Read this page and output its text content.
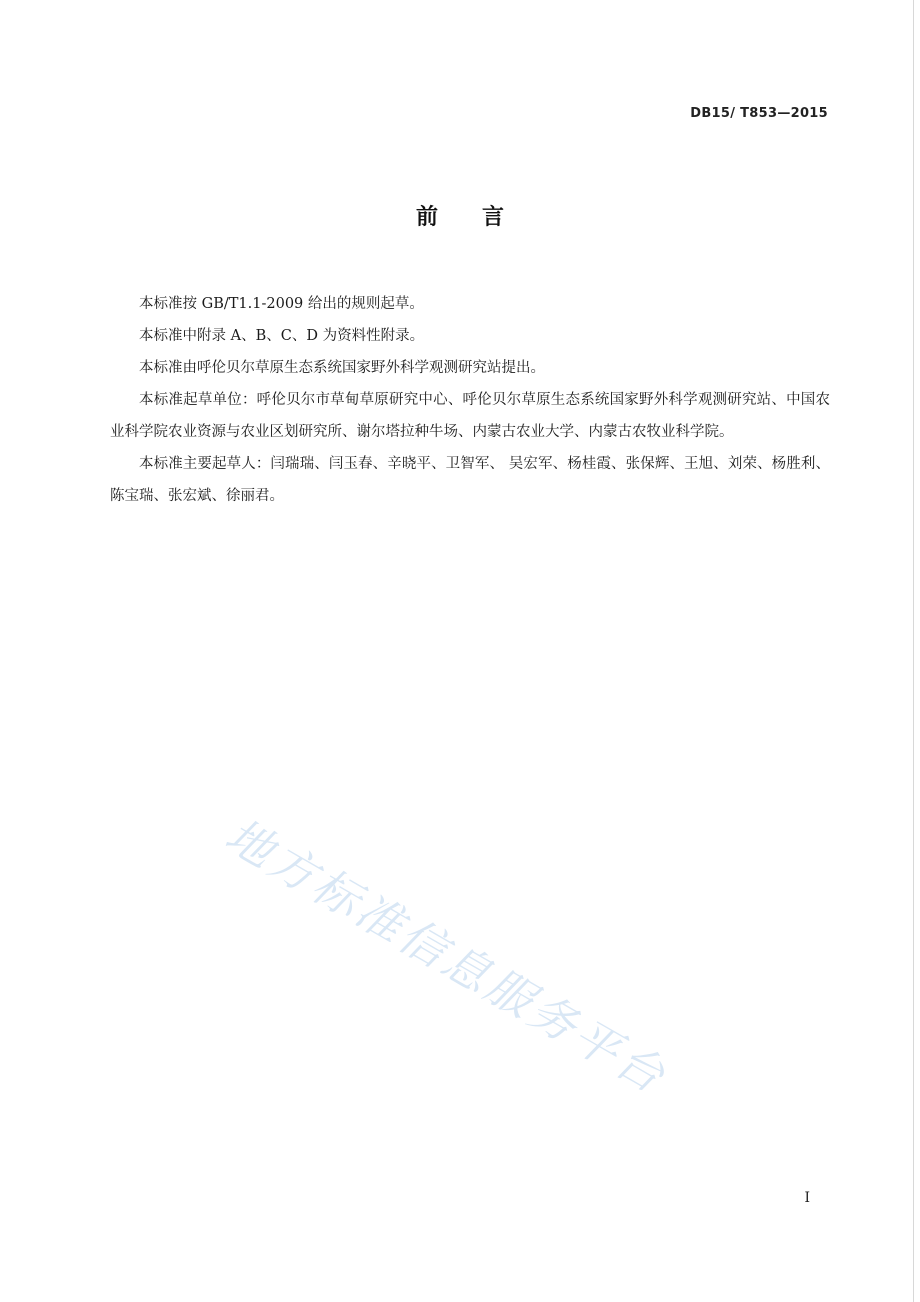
DB15/ T853—2015
前言

本标准按 GB/T1.1-2009 给出的规则起草。

本标准中附录 A、B、C、D 为资料性附录。

本标准由呼伦贝尔草原生态系统国家野外科学观测研究站提出。

本标准起草单位：呼伦贝尔市草甸草原研究中心、呼伦贝尔草原生态系统国家野外科学观测研究站、中国农业科学院农业资源与农业区划研究所、谢尔塔拉种牛场、内蒙古农业大学、内蒙古农牧业科学院。

本标准主要起草人：闫瑞瑞、闫玉春、辛晓平、卫智军、 吴宏军、杨桂霞、张保辉、王旭、刘荣、杨胜利、陈宝瑞、张宏斌、徐丽君。

地方标准信息服务平台
I
